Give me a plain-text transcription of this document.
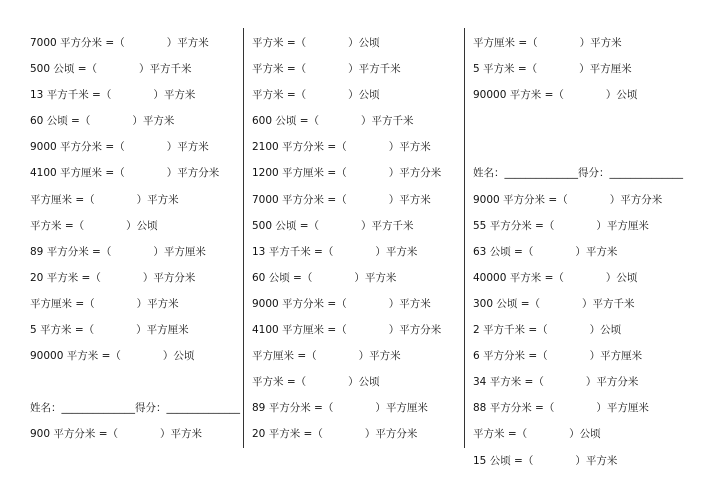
7000 平方分米 =（　　　　）平方米
500 公顷 =（　　　　）平方千米
13 平方千米 =（　　　　）平方米
60 公顷 =（　　　　）平方米
9000 平方分米 =（　　　　）平方米
4100 平方厘米 =（　　　　）平方分米
平方厘米 =（　　　　）平方米
平方米 =（　　　　）公顷
89 平方分米 =（　　　　）平方厘米
20 平方米 =（　　　　）平方分米
平方厘米 =（　　　　）平方米
5 平方米 =（　　　　）平方厘米
90000 平方米 =（　　　　）公顷
姓名：______________得分：______________
900 平方分米 =（　　　　）平方米
平方米 =（　　　　）公顷
平方米 =（　　　　）平方千米
平方米 =（　　　　）公顷
600 公顷 =（　　　　）平方千米
2100 平方分米 =（　　　　）平方米
1200 平方厘米 =（　　　　）平方分米
7000 平方分米 =（　　　　）平方米
500 公顷 =（　　　　）平方千米
13 平方千米 =（　　　　）平方米
60 公顷 =（　　　　）平方米
9000 平方分米 =（　　　　）平方米
4100 平方厘米 =（　　　　）平方分米
平方厘米 =（　　　　）平方米
平方米 =（　　　　）公顷
89 平方分米 =（　　　　）平方厘米
20 平方米 =（　　　　）平方分米
平方厘米 =（　　　　）平方米
5 平方米 =（　　　　）平方厘米
90000 平方米 =（　　　　）公顷
姓名：______________得分：______________
9000 平方分米 =（　　　　）平方分米
55 平方分米 =（　　　　）平方厘米
63 公顷 =（　　　　）平方米
40000 平方米 =（　　　　）公顷
300 公顷 =（　　　　）平方千米
2 平方千米 =（　　　　）公顷
6 平方分米 =（　　　　）平方厘米
34 平方米 =（　　　　）平方分米
88 平方分米 =（　　　　）平方厘米
平方米 =（　　　　）公顷
15 公顷 =（　　　　）平方米
